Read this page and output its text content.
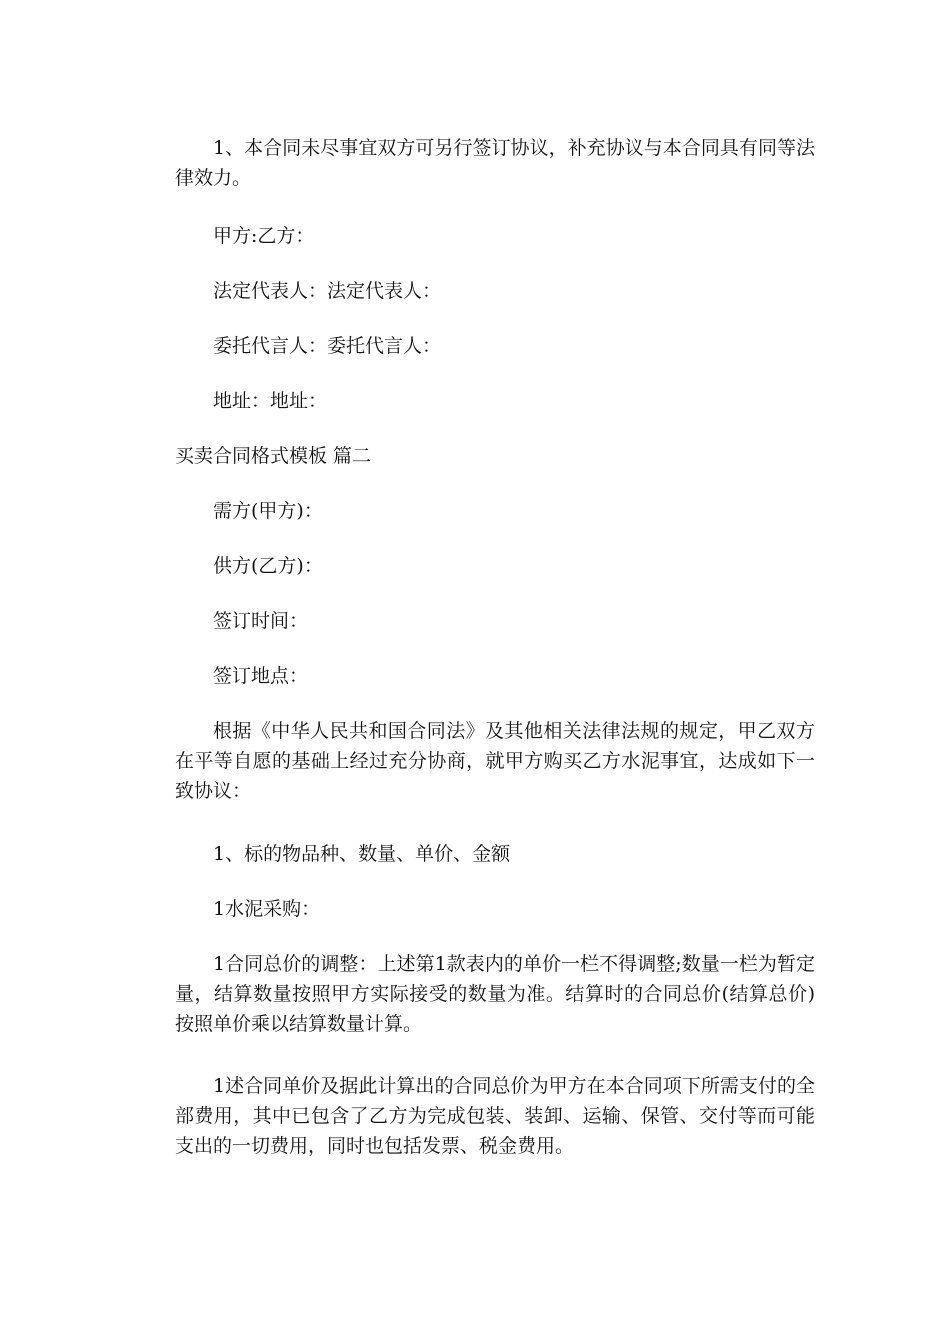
1、本合同未尽事宜双方可另行签订协议，补充协议与本合同具有同等法律效力。

甲方:乙方：

法定代表人：法定代表人：

委托代言人：委托代言人：

地址：地址：

买卖合同格式模板 篇二

需方(甲方)：

供方(乙方)：

签订时间：

签订地点：

根据《中华人民共和国合同法》及其他相关法律法规的规定，甲乙双方在平等自愿的基础上经过充分协商，就甲方购买乙方水泥事宜，达成如下一致协议：

1、标的物品种、数量、单价、金额

1水泥采购：

1合同总价的调整：上述第1款表内的单价一栏不得调整;数量一栏为暂定量，结算数量按照甲方实际接受的数量为准。结算时的合同总价(结算总价)按照单价乘以结算数量计算。

1述合同单价及据此计算出的合同总价为甲方在本合同项下所需支付的全部费用，其中已包含了乙方为完成包装、装卸、运输、保管、交付等而可能支出的一切费用，同时也包括发票、税金费用。
